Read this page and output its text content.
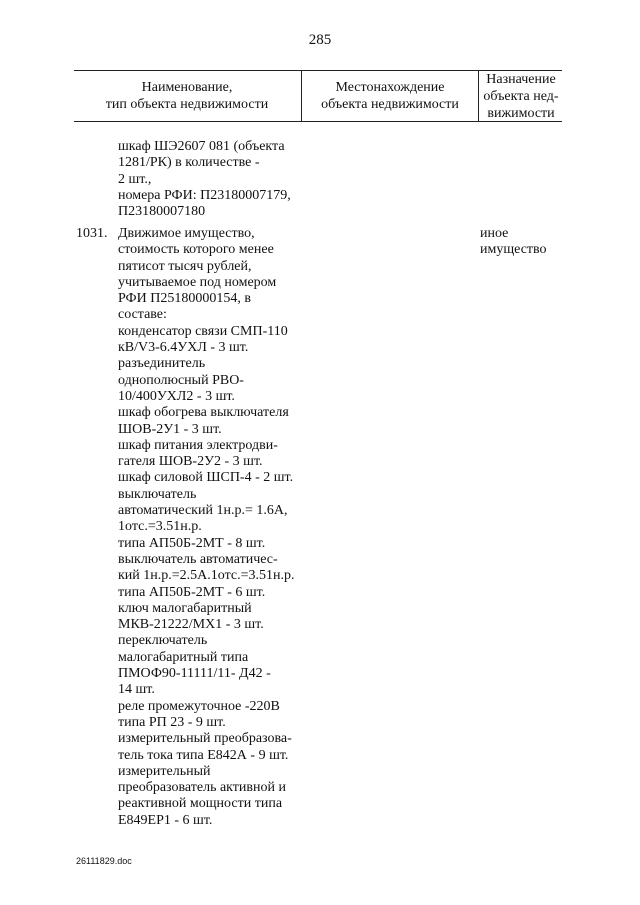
285
Наименование,
тип объекта недвижимости
Местонахождение
объекта недвижимости
Назначение
объекта нед-
вижимости
шкаф ШЭ2607 081 (объекта
1281/РК) в количестве -
2 шт.,
номера РФИ: П23180007179,
П23180007180
1031. Движимое имущество,
стоимость которого менее
пятисот тысяч рублей,
учитываемое под номером
РФИ П25180000154, в
составе:
конденсатор связи СМП-110
кВ/V3-6.4УХЛ - 3 шт.
разъединитель
однополюсный РВО-
10/400УХЛ2 - 3 шт.
шкаф обогрева выключателя
ШОВ-2У1 - 3 шт.
шкаф питания электродви-
гателя ШОВ-2У2 - 3 шт.
шкаф силовой ШСП-4 - 2 шт.
выключатель
автоматический 1н.р.= 1.6А,
1отс.=3.51н.р.
типа АП50Б-2МТ - 8 шт.
выключатель автоматичес-
кий 1н.р.=2.5А.1отс.=3.51н.р.
типа АП50Б-2МТ - 6 шт.
ключ малогабаритный
МКВ-21222/МХ1 - 3 шт.
переключатель
малогабаритный типа
ПМОФ90-11111/11- Д42 -
14 шт.
реле промежуточное -220В
типа РП 23 - 9 шт.
измерительный преобразова-
тель тока типа Е842А - 9 шт.
измерительный
преобразователь активной и
реактивной мощности типа
Е849ЕР1 - 6 шт.
иное
имущество
26111829.doc
